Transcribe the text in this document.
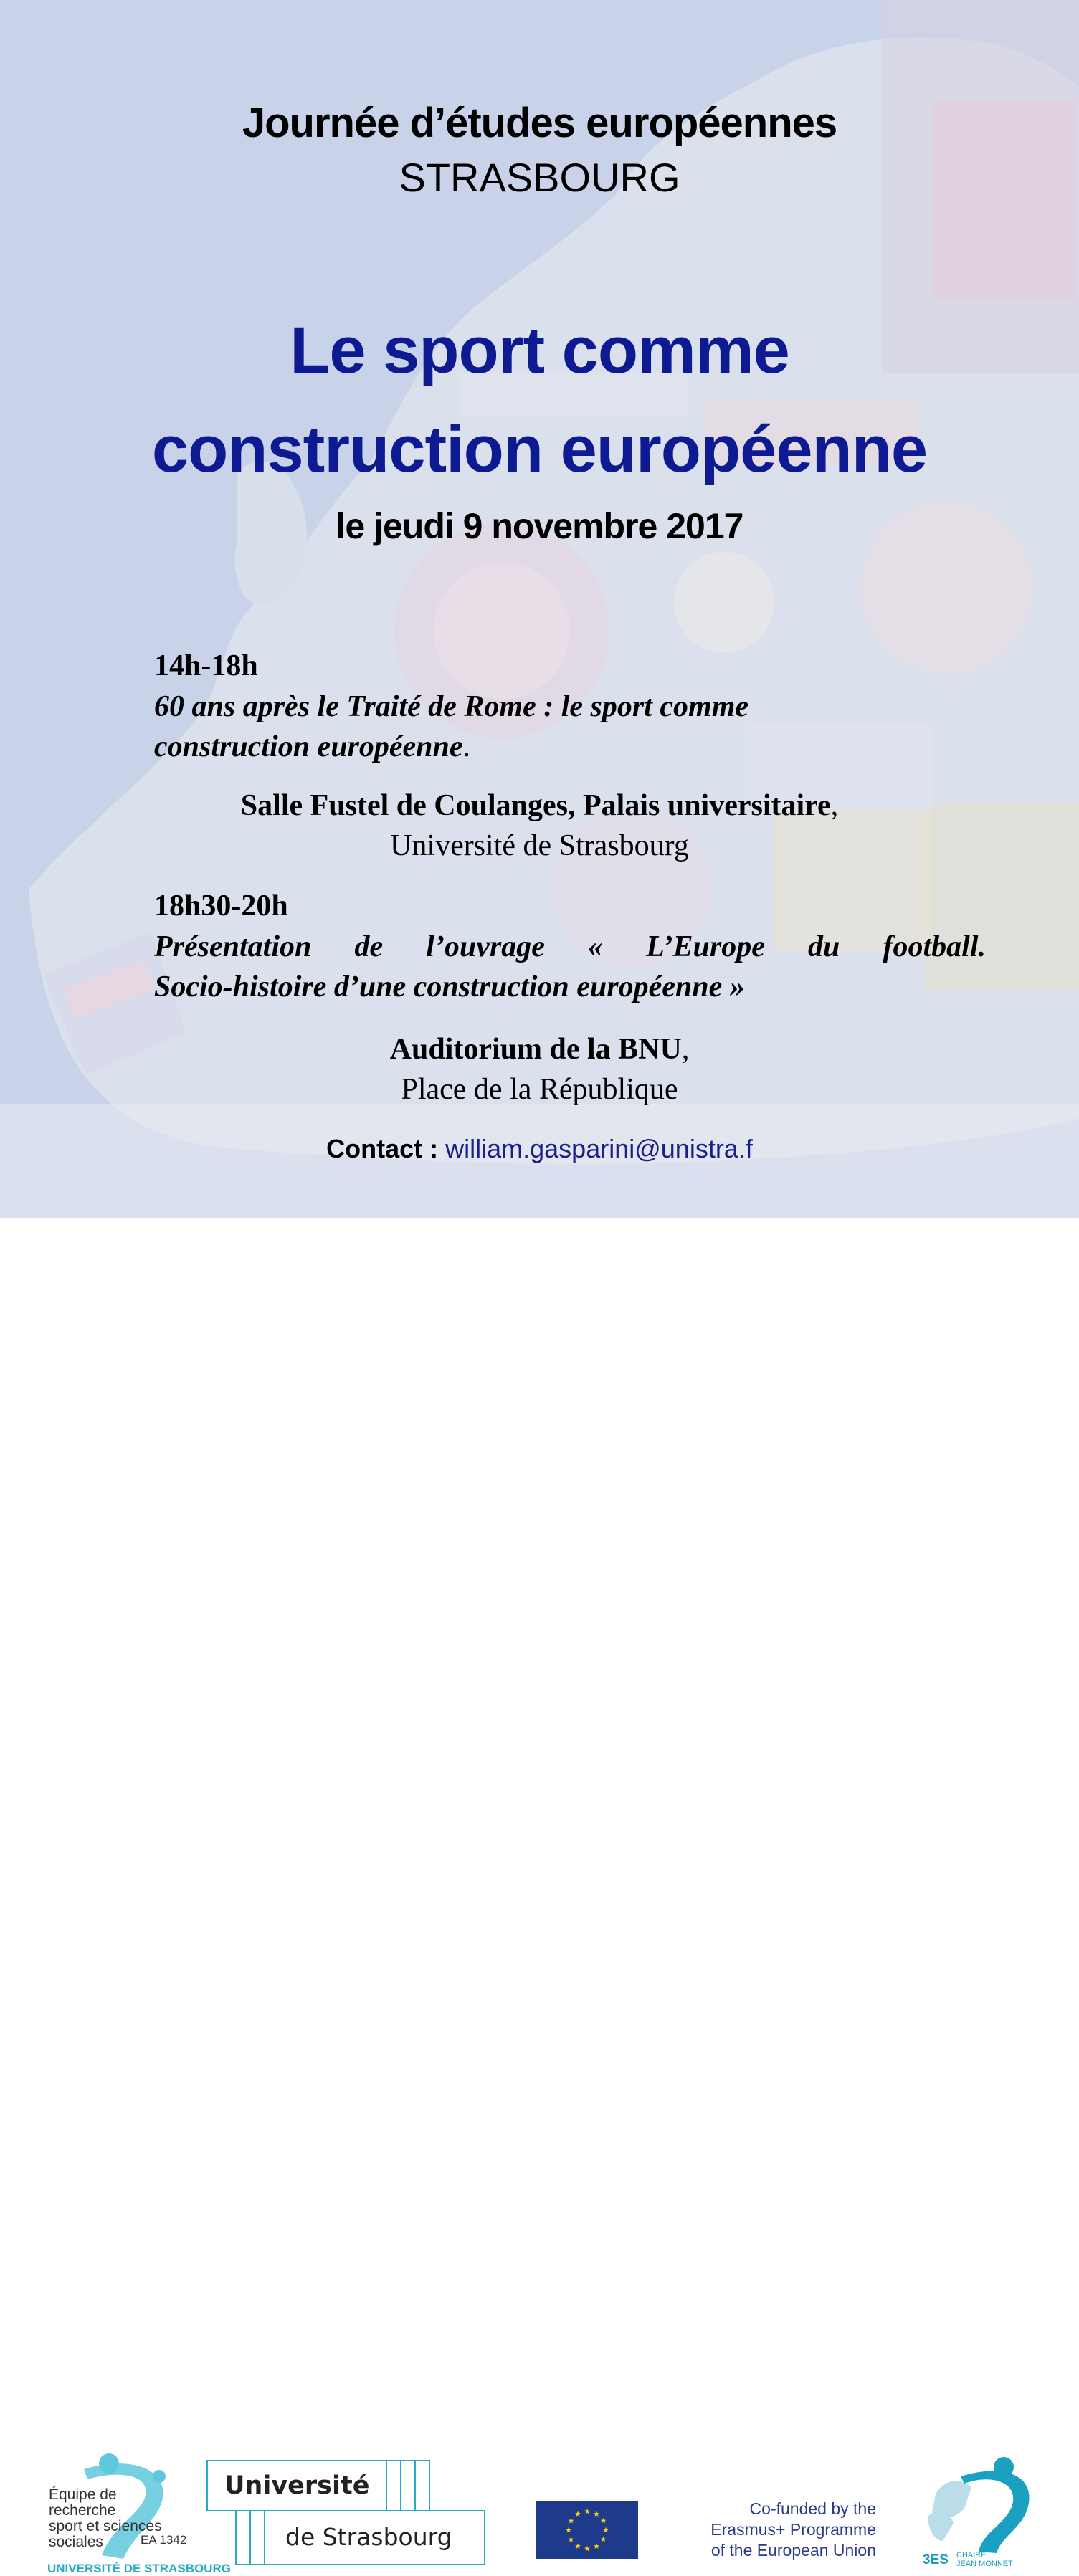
Journée d’études européennes
STRASBOURG
Le sport comme
construction européenne
le jeudi 9 novembre 2017
14h-18h
60 ans après le Traité de Rome : le sport comme
construction européenne.
Salle Fustel de Coulanges, Palais universitaire,
Université de Strasbourg
18h30-20h
Présentation de l’ouvrage « L’Europe du football.
Socio-histoire d’une construction européenne »
Auditorium de la BNU,
Place de la République
Contact : william.gasparini@unistra.f
Équipe de recherche
sport et sciences
sociales	EA 1342
UNIVERSITÉ DE STRASBOURG
Université
de Strasbourg
Co-funded by the
Erasmus+ Programme
of the European Union
3ES CHAIRE
JEAN MONNET
